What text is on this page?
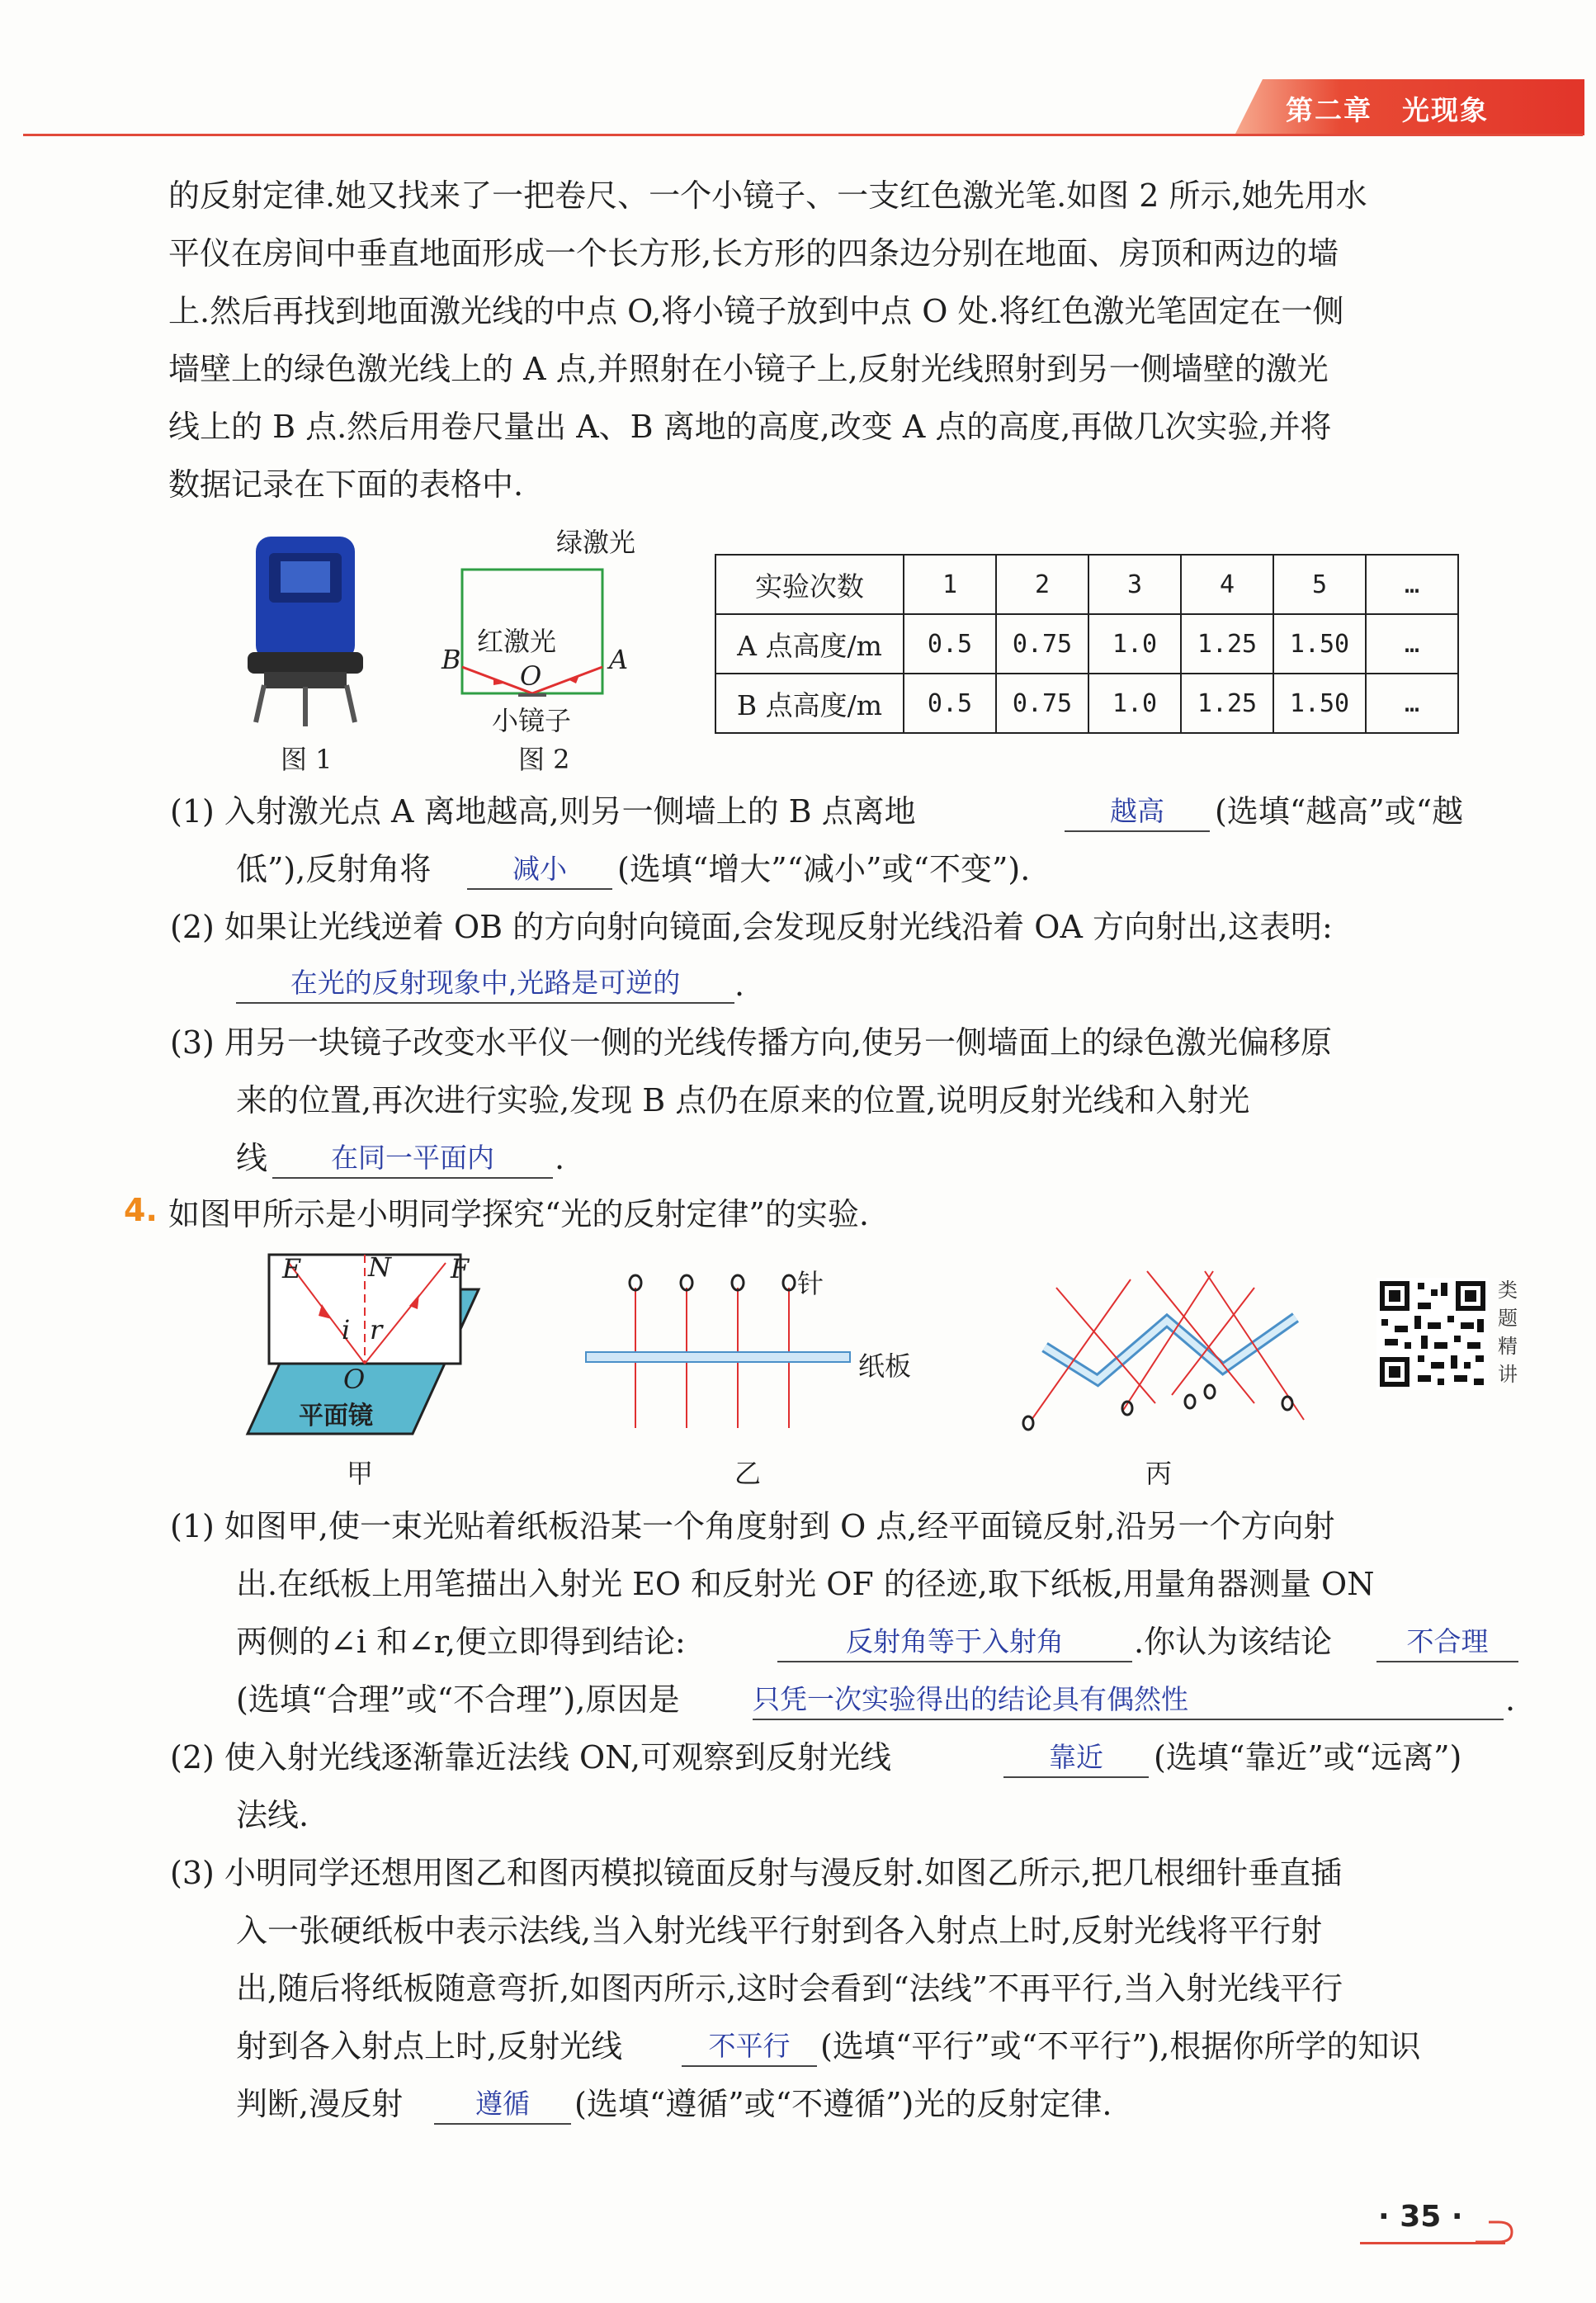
第二章 光现象
的反射定律.她又找来了一把卷尺、一个小镜子、一支红色激光笔.如图 2 所示,她先用水
平仪在房间中垂直地面形成一个长方形,长方形的四条边分别在地面、房顶和两边的墙
上.然后再找到地面激光线的中点 O,将小镜子放到中点 O 处.将红色激光笔固定在一侧
墙壁上的绿色激光线上的 A 点,并照射在小镜子上,反射光线照射到另一侧墙壁的激光
线上的 B 点.然后用卷尺量出 A、B 离地的高度,改变 A 点的高度,再做几次实验,并将
数据记录在下面的表格中.
图 1
绿激光
红激光
B	A
O
小镜子
图 2
实验次数	1	2	3	4	5	…
A 点高度/m	0.5	0.75	1.0	1.25	1.50	…
B 点高度/m	0.5	0.75	1.0	1.25	1.50	…
(1) 入射激光点 A 离地越高,则另一侧墙上的 B 点离地	越高	(选填“越高”或“越
低”),反射角将	减小	(选填“增大”“减小”或“不变”).
(2) 如果让光线逆着 OB 的方向射向镜面,会发现反射光线沿着 OA 方向射出,这表明:
在光的反射现象中,光路是可逆的	.
(3) 用另一块镜子改变水平仪一侧的光线传播方向,使另一侧墙面上的绿色激光偏移原
来的位置,再次进行实验,发现 B 点仍在原来的位置,说明反射光线和入射光
线	在同一平面内	.
4. 如图甲所示是小明同学探究“光的反射定律”的实验.
E	N F
i r
O
平面镜
甲
针
纸板
乙	丙
类
题
精
讲
(1) 如图甲,使一束光贴着纸板沿某一个角度射到 O 点,经平面镜反射,沿另一个方向射
出.在纸板上用笔描出入射光 EO 和反射光 OF 的径迹,取下纸板,用量角器测量 ON
两侧的∠i 和∠r,便立即得到结论:	反射角等于入射角	.你认为该结论	不合理
(选填“合理”或“不合理”),原因是	只凭一次实验得出的结论具有偶然性	.
(2) 使入射光线逐渐靠近法线 ON,可观察到反射光线	靠近	(选填“靠近”或“远离”)
法线.
(3) 小明同学还想用图乙和图丙模拟镜面反射与漫反射.如图乙所示,把几根细针垂直插
入一张硬纸板中表示法线,当入射光线平行射到各入射点上时,反射光线将平行射
出,随后将纸板随意弯折,如图丙所示,这时会看到“法线”不再平行,当入射光线平行
射到各入射点上时,反射光线	不平行 (选填“平行”或“不平行”),根据你所学的知识
判断,漫反射	遵循	(选填“遵循”或“不遵循”)光的反射定律.
· 35 ·
